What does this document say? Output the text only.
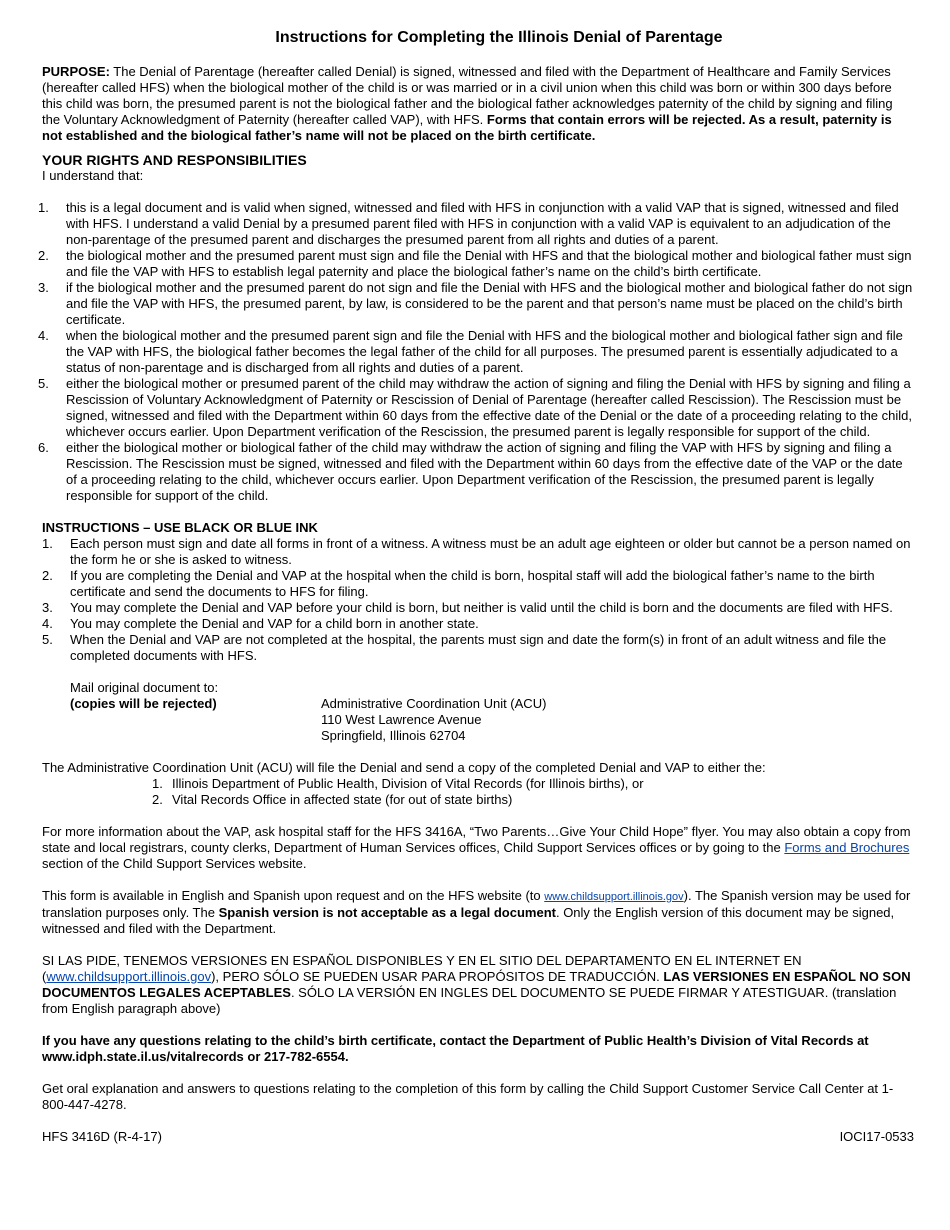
Instructions for Completing the Illinois Denial of Parentage

PURPOSE: The Denial of Parentage (hereafter called Denial) is signed, witnessed and filed with the Department of Healthcare and Family Services (hereafter called HFS) when the biological mother of the child is or was married or in a civil union when this child was born or within 300 days before this child was born, the presumed parent is not the biological father and the biological father acknowledges paternity of the child by signing and filing the Voluntary Acknowledgment of Paternity (hereafter called VAP), with HFS. Forms that contain errors will be rejected. As a result, paternity is not established and the biological father’s name will not be placed on the birth certificate.

YOUR RIGHTS AND RESPONSIBILITIES

I understand that:

1. this is a legal document and is valid when signed, witnessed and filed with HFS in conjunction with a valid VAP that is signed, witnessed and filed with HFS. I understand a valid Denial by a presumed parent filed with HFS in conjunction with a valid VAP is equivalent to an adjudication of the non-parentage of the presumed parent and discharges the presumed parent from all rights and duties of a parent.
2. the biological mother and the presumed parent must sign and file the Denial with HFS and that the biological mother and biological father must sign and file the VAP with HFS to establish legal paternity and place the biological father’s name on the child’s birth certificate.
3. if the biological mother and the presumed parent do not sign and file the Denial with HFS and the biological mother and biological father do not sign and file the VAP with HFS, the presumed parent, by law, is considered to be the parent and that person’s name must be placed on the child’s birth certificate.
4. when the biological mother and the presumed parent sign and file the Denial with HFS and the biological mother and biological father sign and file the VAP with HFS, the biological father becomes the legal father of the child for all purposes. The presumed parent is essentially adjudicated to a status of non-parentage and is discharged from all rights and duties of a parent.
5. either the biological mother or presumed parent of the child may withdraw the action of signing and filing the Denial with HFS by signing and filing a Rescission of Voluntary Acknowledgment of Paternity or Rescission of Denial of Parentage (hereafter called Rescission). The Rescission must be signed, witnessed and filed with the Department within 60 days from the effective date of the Denial or the date of a proceeding relating to the child, whichever occurs earlier. Upon Department verification of the Rescission, the presumed parent is legally responsible for support of the child.
6. either the biological mother or biological father of the child may withdraw the action of signing and filing the VAP with HFS by signing and filing a Rescission. The Rescission must be signed, witnessed and filed with the Department within 60 days from the effective date of the VAP or the date of a proceeding relating to the child, whichever occurs earlier. Upon Department verification of the Rescission, the presumed parent is legally responsible for support of the child.
INSTRUCTIONS – USE BLACK OR BLUE INK
1. Each person must sign and date all forms in front of a witness. A witness must be an adult age eighteen or older but cannot be a person named on the form he or she is asked to witness.
2. If you are completing the Denial and VAP at the hospital when the child is born, hospital staff will add the biological father’s name to the birth certificate and send the documents to HFS for filing.
3. You may complete the Denial and VAP before your child is born, but neither is valid until the child is born and the documents are filed with HFS.
4. You may complete the Denial and VAP for a child born in another state.
5. When the Denial and VAP are not completed at the hospital, the parents must sign and date the form(s) in front of an adult witness and file the completed documents with HFS.

Mail original document to:

(copies will be rejected)	Administrative Coordination Unit (ACU)
110 West Lawrence Avenue
Springfield, Illinois 62704

The Administrative Coordination Unit (ACU) will file the Denial and send a copy of the completed Denial and VAP to either the:

1. Illinois Department of Public Health, Division of Vital Records (for Illinois births), or
2. Vital Records Office in affected state (for out of state births)

For more information about the VAP, ask hospital staff for the HFS 3416A, “Two Parents…Give Your Child Hope” flyer. You may also obtain a copy from state and local registrars, county clerks, Department of Human Services offices, Child Support Services offices or by going to the Forms and Brochures section of the Child Support Services website.

This form is available in English and Spanish upon request and on the HFS website (to www.childsupport.illinois.gov). The Spanish version may be used for translation purposes only. The Spanish version is not acceptable as a legal document. Only the English version of this document may be signed, witnessed and filed with the Department.

SI LAS PIDE, TENEMOS VERSIONES EN ESPAÑOL DISPONIBLES Y EN EL SITIO DEL DEPARTAMENTO EN EL INTERNET EN (www.childsupport.illinois.gov), PERO SÓLO SE PUEDEN USAR PARA PROPÓSITOS DE TRADUCCIÓN. LAS VERSIONES EN ESPAÑOL NO SON DOCUMENTOS LEGALES ACEPTABLES. SÓLO LA VERSIÓN EN INGLES DEL DOCUMENTO SE PUEDE FIRMAR Y ATESTIGUAR. (translation from English paragraph above)

If you have any questions relating to the child’s birth certificate, contact the Department of Public Health’s Division of Vital Records at www.idph.state.il.us/vitalrecords or 217-782-6554.

Get oral explanation and answers to questions relating to the completion of this form by calling the Child Support Customer Service Call Center at 1-800-447-4278.

HFS 3416D (R-4-17)	IOCI17-0533
